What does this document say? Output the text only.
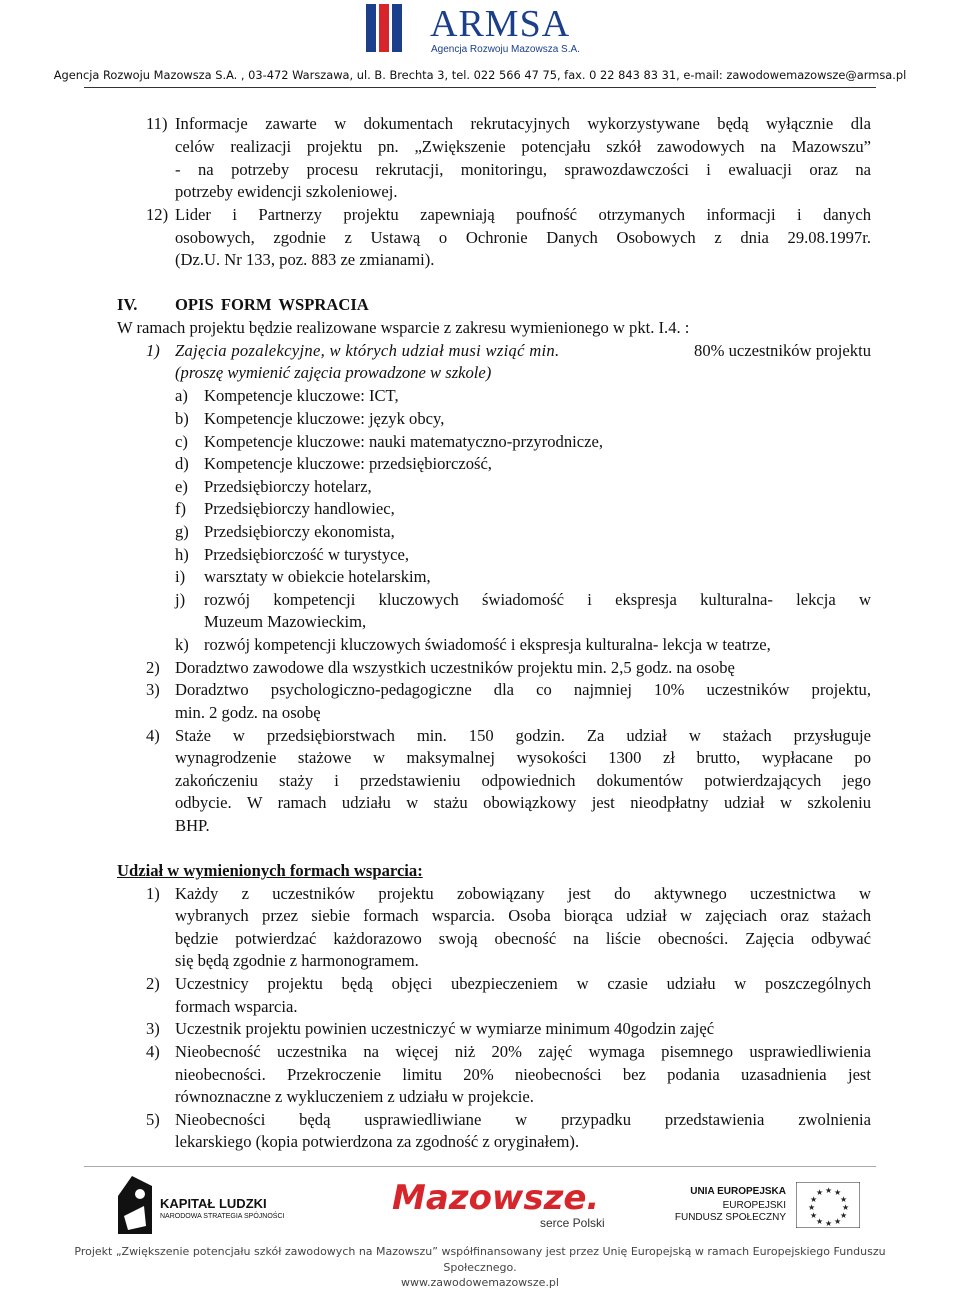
ARMSA
Agencja Rozwoju Mazowsza S.A.
Agencja Rozwoju Mazowsza S.A. , 03-472 Warszawa, ul. B. Brechta 3, tel. 022 566 47 75, fax. 0 22 843 83 31, e-mail: zawodowemazowsze@armsa.pl
11) Informacje zawarte w dokumentach rekrutacyjnych wykorzystywane będą wyłącznie dla
celów realizacji projektu pn. „Zwiększenie potencjału szkół zawodowych na Mazowszu”
- na potrzeby procesu rekrutacji, monitoringu, sprawozdawczości i ewaluacji oraz na
potrzeby ewidencji szkoleniowej.
12) Lider i Partnerzy projektu zapewniają poufność otrzymanych informacji i danych
osobowych, zgodnie z Ustawą o Ochronie Danych Osobowych z dnia 29.08.1997r.
(Dz.U. Nr 133, poz. 883 ze zmianami).
IV. OPIS FORM WSPRACIA
W ramach projektu będzie realizowane wsparcie z zakresu wymienionego w pkt. I.4. :
1) Zajęcia pozalekcyjne, w których udział musi wziąć min.	80% uczestników projektu
(proszę wymienić zajęcia prowadzone w szkole)
a) Kompetencje kluczowe: ICT,
b) Kompetencje kluczowe: język obcy,
c) Kompetencje kluczowe: nauki matematyczno-przyrodnicze,
d) Kompetencje kluczowe: przedsiębiorczość,
e) Przedsiębiorczy hotelarz,
f) Przedsiębiorczy handlowiec,
g) Przedsiębiorczy ekonomista,
h) Przedsiębiorczość w turystyce,
i) warsztaty w obiekcie hotelarskim,
j) rozwój kompetencji kluczowych świadomość i ekspresja kulturalna- lekcja w
Muzeum Mazowieckim,
k) rozwój kompetencji kluczowych świadomość i ekspresja kulturalna- lekcja w teatrze,
2) Doradztwo zawodowe dla wszystkich uczestników projektu min. 2,5 godz. na osobę
3) Doradztwo psychologiczno-pedagogiczne dla co najmniej 10% uczestników projektu,
min. 2 godz. na osobę
4) Staże w przedsiębiorstwach min. 150 godzin. Za udział w stażach przysługuje
wynagrodzenie stażowe w maksymalnej wysokości 1300 zł brutto, wypłacane po
zakończeniu staży i przedstawieniu odpowiednich dokumentów potwierdzających jego
odbycie. W ramach udziału w stażu obowiązkowy jest nieodpłatny udział w szkoleniu
BHP.
Udział w wymienionych formach wsparcia:
1) Każdy z uczestników projektu zobowiązany jest do aktywnego uczestnictwa w
wybranych przez siebie formach wsparcia. Osoba biorąca udział w zajęciach oraz stażach
będzie potwierdzać każdorazowo swoją obecność na liście obecności. Zajęcia odbywać
się będą zgodnie z harmonogramem.
2) Uczestnicy projektu będą objęci ubezpieczeniem w czasie udziału w poszczególnych
formach wsparcia.
3) Uczestnik projektu powinien uczestniczyć w wymiarze minimum 40godzin zajęć
4) Nieobecność uczestnika na więcej niż 20% zajęć wymaga pisemnego usprawiedliwienia
nieobecności. Przekroczenie limitu 20% nieobecności bez podania uzasadnienia jest
równoznaczne z wykluczeniem z udziału w projekcie.
5) Nieobecności będą usprawiedliwiane w przypadku przedstawienia zwolnienia
lekarskiego (kopia potwierdzona za zgodność z oryginałem).
KAPITAŁ LUDZKI
NARODOWA STRATEGIA SPÓJNOŚCI	Mazowsze.
serce Polski
UNIA EUROPEJSKA
EUROPEJSKI
FUNDUSZ SPOŁECZNY
★ ★
★
★
★
★
★
★
★
★
★
★
Projekt „Zwiększenie potencjału szkół zawodowych na Mazowszu” współfinansowany jest przez Unię Europejską w ramach Europejskiego Funduszu
Społecznego.
www.zawodowemazowsze.pl
